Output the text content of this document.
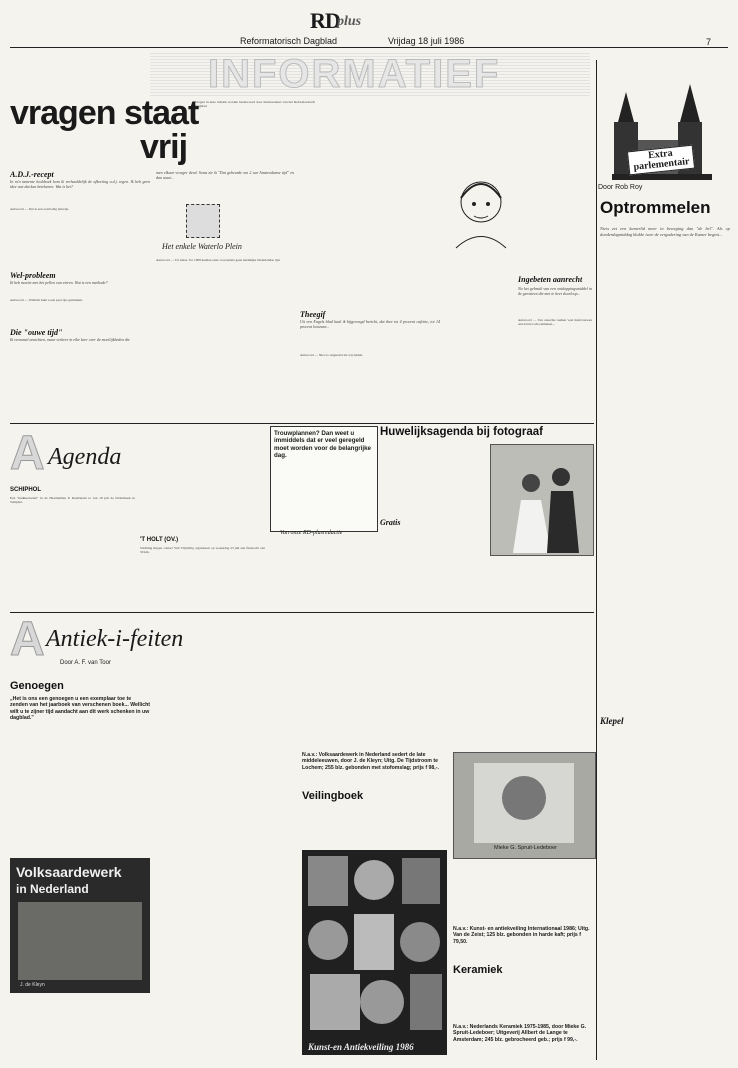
RD
plus
Reformatorisch Dagblad	Vrijdag 18 juli 1986	7
INFORMATIEF
Extra parlementair
Door Rob Roy
vragen staat
vrij
Vragen in deze rubriek worden beantwoord door medewerkers van het Reformatorisch Dagblad.
A.D.J.-recept
In m'n tamente kookboek kom ik verhaaldelijk de afkorting a.d.j. tegen. Ik heb geen idee wat dat kan betekenen. Wat is het?
Antwoord — Dat is een overbodig lettertje.
Wel-probleem
Ik heb moeite met het pellen van eieren. Wat is een methode?
Antwoord — Wellicht kunt u een paar tips gebruiken.
Die "ouwe tijd"
Ik verzamel ansichten, maar verkeer in elke keer over de moeilijkheden die
men elkaar vroeger deed. Soms zie ik "Dat gebeurde om 2 uur Amsterdamse tijd" en dan staat...
Het enkele Waterlo Plein
Antwoord — Tot klaas. Tot 1908 kenden onze voorouders geen landelijke Nederlandse tijd.
Theegif
Uit een Engels blad haal ik bijgevoegd bericht, dat thee tot 4 procent cafeïne, tot 14 procent looizuur...
Antwoord — Niet zo ongezond als wij zeiden.
Ingebeten aanrecht
Na het gebruik van een ontdoppingsmiddel in de geestieen die met te heet doorloop...
Antwoord — Ten onrechte nemen veel huisvrouwen aan dat het schoonmaken...
Optrommelen
Niets zet een kamerlid meer in beweging dan "de bel". Als op donderdagmiddag klokke twee de vergadering van de Kamer begint...
Klepel
A Agenda
SCHIPHOL
Een "knikkertoebel" in de Haarlemmer P. Reisburein te van 18 juli de bibliotheek in Schiphol.
'T HOLT (OV.)
Stichting Regen contact Velt Vrijwillig organiseert op woensdag 23 juli een fietstocht van 30 km.
Trouwplannen? Dan weet u immiddels dat er veel geregeld moet worden voor de belangrijke dag.
Van onze RD-plusredactie
Huwelijksagenda bij fotograaf
Gratis
A Antiek-i-feiten
Door A. F. van Toor
Genoegen
„Het is ons een genoegen u een exemplaar toe te zenden van het jaarboek van verschenen boek... Wellicht wilt u te zijner tijd aandacht aan dit werk schenken in uw dagblad."
Volksaardewerk
in Nederland
J. de Kleyn
N.a.v.: Volksaardewerk in Nederland sedert de late middeleeuwen, door J. de Kleyn; Uitg. De Tijdstroom te Lochem; 255 blz. gebonden met stofomslag; prijs f 98,-.
Veilingboek
Kunst-en Antiekveiling 1986
Mieke G. Spruit-Ledeboer
N.a.v.: Kunst- en antiekveiling Internationaal 1986; Uitg. Van de Zeist; 125 blz. gebonden in harde kaft; prijs f 79,50.
Keramiek
N.a.v.: Nederlands Keramiek 1975-1985, door Mieke G. Spruit-Ledeboer; Uitgeverij Allbert de Lange te Amsterdam; 245 blz. gebrocheerd geb.; prijs f 99,-.
